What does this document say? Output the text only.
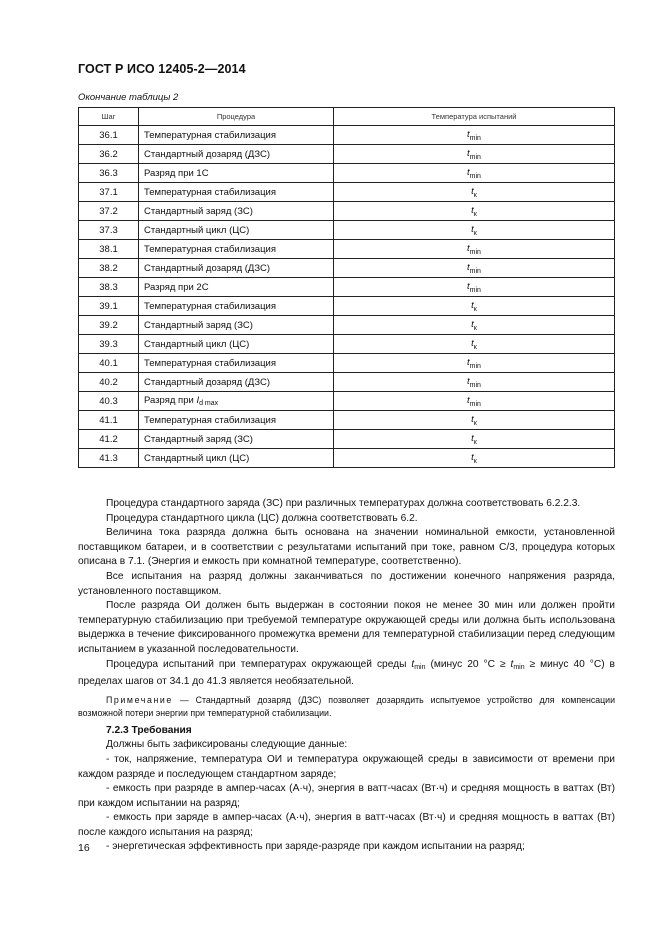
ГОСТ Р ИСО 12405-2—2014
Окончание таблицы 2
Шаг	Процедура	Температура испытаний
36.1	Температурная стабилизация	$t_{min}$
36.2	Стандартный дозаряд (ДЗС)	$t_{min}$
36.3	Разряд при 1С	$t_{min}$
37.1	Температурная стабилизация	$t_к$
37.2	Стандартный заряд (ЗС)	$t_к$
37.3	Стандартный цикл (ЦС)	$t_к$
38.1	Температурная стабилизация	$t_{min}$
38.2	Стандартный дозаряд (ДЗС)	$t_{min}$
38.3	Разряд при 2С	$t_{min}$
39.1	Температурная стабилизация	$t_к$
39.2	Стандартный заряд (ЗС)	$t_к$
39.3	Стандартный цикл (ЦС)	$t_к$
40.1	Температурная стабилизация	$t_{min}$
40.2	Стандартный дозаряд (ДЗС)	$t_{min}$
40.3	Разряд при $I_{d max}$	$t_{min}$
41.1	Температурная стабилизация	$t_к$
41.2	Стандартный заряд (ЗС)	$t_к$
41.3	Стандартный цикл (ЦС)	$t_к$

Процедура стандартного заряда (ЗС) при различных температурах должна соответствовать 6.2.2.3.

Процедура стандартного цикла (ЦС) должна соответствовать 6.2.

Величина тока разряда должна быть основана на значении номинальной емкости, установленной поставщиком батареи, и в соответствии с результатами испытаний при токе, равном С/3, процедура которых описана в 7.1. (Энергия и емкость при комнатной температуре, соответственно).

Все испытания на разряд должны заканчиваться по достижении конечного напряжения разряда, установленного поставщиком.

После разряда ОИ должен быть выдержан в состоянии покоя не менее 30 мин или должен пройти температурную стабилизацию при требуемой температуре окружающей среды или должна быть использована выдержка в течение фиксированного промежутка времени для температурной стабилизации перед следующим испытанием в указанной последовательности.

Процедура испытаний при температурах окружающей среды tmin (минус 20 °С ≥ tmin ≥ минус 40 °С) в пределах шагов от 34.1 до 41.3 является необязательной.

Примечание — Стандартный дозаряд (ДЗС) позволяет дозарядить испытуемое устройство для компенсации возможной потери энергии при температурной стабилизации.

7.2.3 Требования

Должны быть зафиксированы следующие данные:

- ток, напряжение, температура ОИ и температура окружающей среды в зависимости от времени при каждом разряде и последующем стандартном заряде;

- емкость при разряде в ампер-часах (А·ч), энергия в ватт-часах (Вт·ч) и средняя мощность в ваттах (Вт) при каждом испытании на разряд;

- емкость при заряде в ампер-часах (А·ч), энергия в ватт-часах (Вт·ч) и средняя мощность в ваттах (Вт) после каждого испытания на разряд;

- энергетическая эффективность при заряде-разряде при каждом испытании на разряд;

16
